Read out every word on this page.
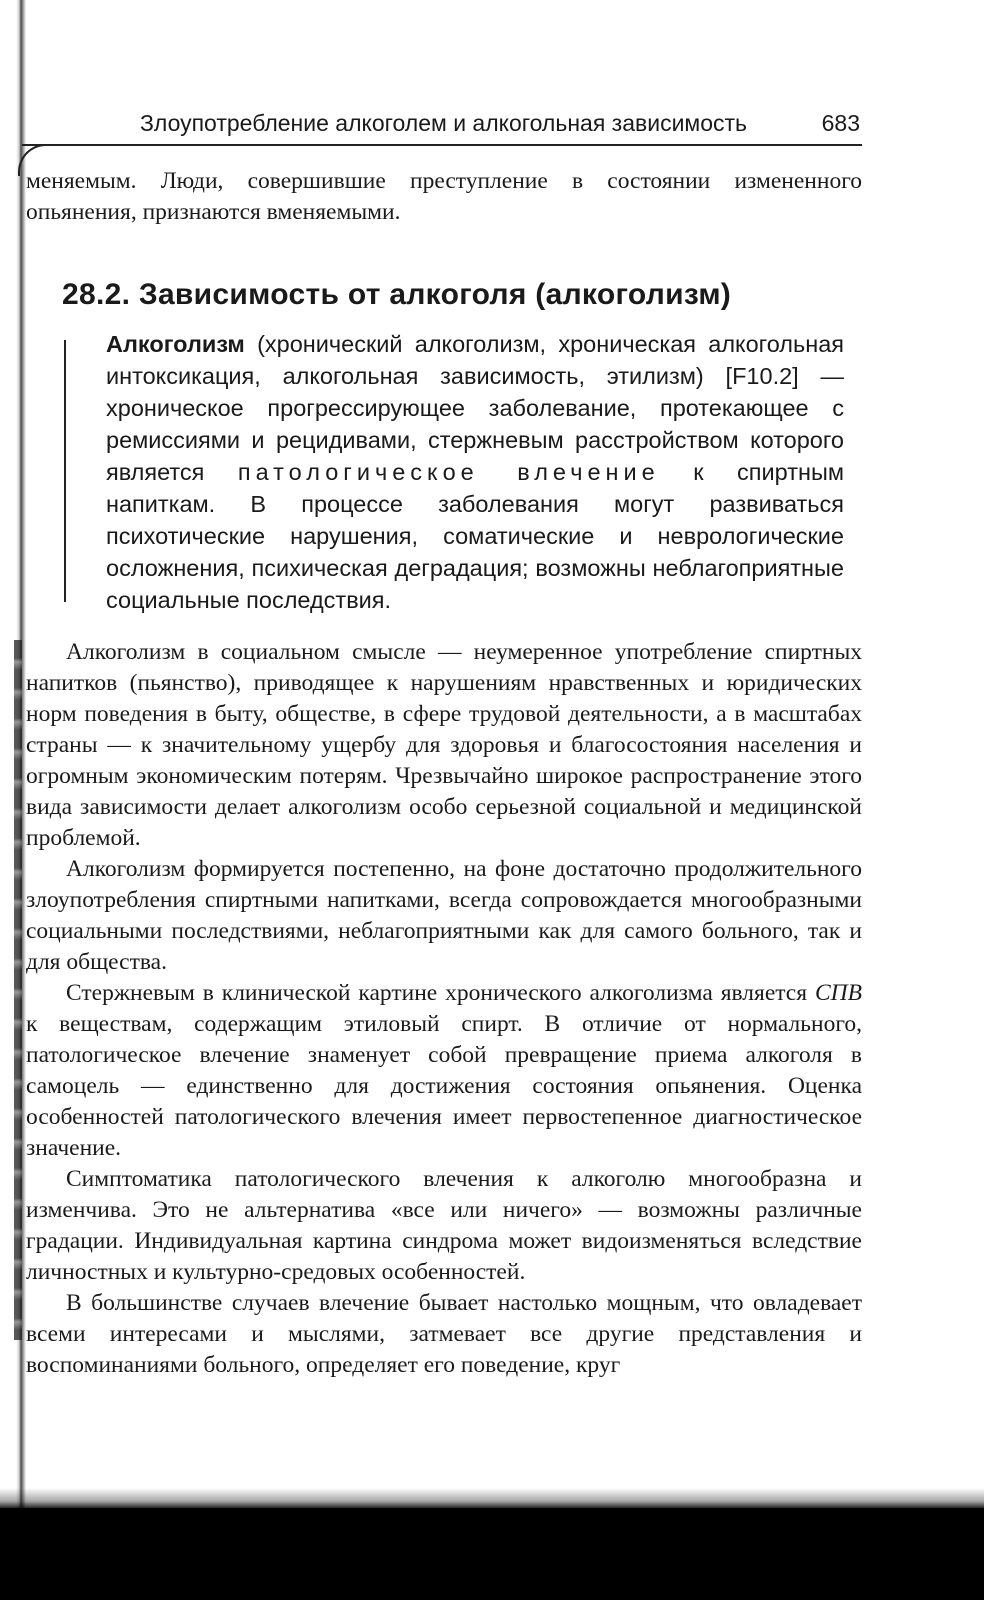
Злоупотребление алкоголем и алкогольная зависимость	683

меняемым. Люди, совершившие преступление в состоянии измененного опьянения, признаются вменяемыми.

28.2. Зависимость от алкоголя (алкоголизм)

Алкоголизм (хронический алкоголизм, хроническая алкогольная интоксикация, алкогольная зависимость, этилизм) [F10.2] — хроническое прогрессирующее заболевание, протекающее с ремиссиями и рецидивами, стержневым расстройством которого является патологическое влечение к спиртным напиткам. В процессе заболевания могут развиваться психотические нарушения, соматические и неврологические осложнения, психическая деградация; возможны неблагоприятные социальные последствия.

Алкоголизм в социальном смысле — неумеренное употребление спиртных напитков (пьянство), приводящее к нарушениям нравственных и юридических норм поведения в быту, обществе, в сфере трудовой деятельности, а в масштабах страны — к значительному ущербу для здоровья и благосостояния населения и огромным экономическим потерям. Чрезвычайно широкое распространение этого вида зависимости делает алкоголизм особо серьезной социальной и медицинской проблемой.

Алкоголизм формируется постепенно, на фоне достаточно продолжительного злоупотребления спиртными напитками, всегда сопровождается многообразными социальными последствиями, неблагоприятными как для самого больного, так и для общества.

Стержневым в клинической картине хронического алкоголизма является СПВ к веществам, содержащим этиловый спирт. В отличие от нормального, патологическое влечение знаменует собой превращение приема алкоголя в самоцель — единственно для достижения состояния опьянения. Оценка особенностей патологического влечения имеет первостепенное диагностическое значение.

Симптоматика патологического влечения к алкоголю многообразна и изменчива. Это не альтернатива «все или ничего» — возможны различные градации. Индивидуальная картина синдрома может видоизменяться вследствие личностных и культурно-средовых особенностей.

В большинстве случаев влечение бывает настолько мощным, что овладевает всеми интересами и мыслями, затмевает все другие представления и воспоминаниями больного, определяет его поведение, круг
